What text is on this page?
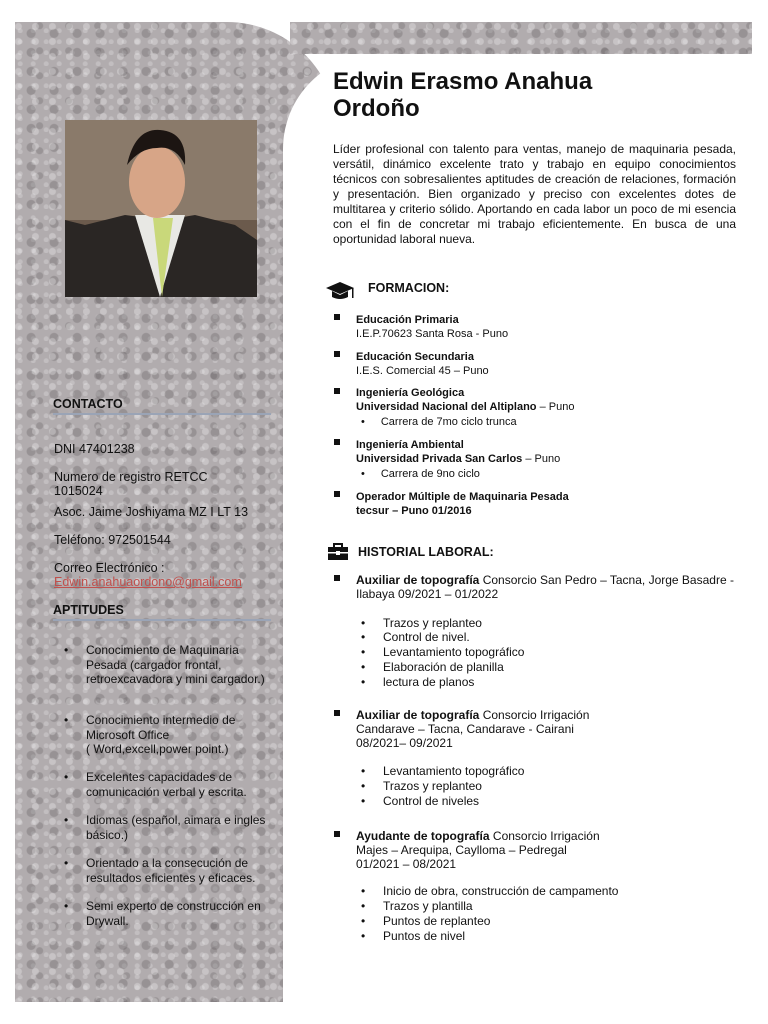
CONTACTO
DNI 47401238
Numero de registro RETCC
1015024
Asoc. Jaime Joshiyama MZ I LT 13
Teléfono: 972501544
Correo Electrónico :
Edwin.anahuaordono@gmail.com
APTITUDES
• Conocimiento de Maquinaria Pesada (cargador frontal, retroexcavadora y mini cargador.)
• Conocimiento intermedio de Microsoft Office
( Word,excell,power point.)
• Excelentes capacidades de comunicación verbal y escrita.
• Idiomas (español, aimara e ingles básico.)
• Orientado a la consecución de resultados eficientes y eficaces.
• Semi experto de construcción en Drywall.
Edwin Erasmo Anahua
Ordoño
Líder profesional con talento para ventas, manejo de maquinaria pesada, versátil, dinámico excelente trato y trabajo en equipo conocimientos técnicos con sobresalientes aptitudes de creación de relaciones, formación y presentación. Bien organizado y preciso con excelentes dotes de multitarea y criterio sólido. Aportando en cada labor un poco de mi esencia con el fin de concretar mi trabajo eficientemente. En busca de una oportunidad laboral nueva.
FORMACION:
Educación Primaria
I.E.P.70623 Santa Rosa - Puno
Educación Secundaria
I.E.S. Comercial 45 – Puno
Ingeniería Geológica
Universidad Nacional del Altiplano – Puno
• Carrera de 7mo ciclo trunca
Ingeniería Ambiental
Universidad Privada San Carlos – Puno
• Carrera de 9no ciclo
Operador Múltiple de Maquinaria Pesada
tecsur – Puno 01/2016
HISTORIAL LABORAL:
Auxiliar de topografía Consorcio San Pedro – Tacna, Jorge Basadre - Ilabaya 09/2021 – 01/2022
• Trazos y replanteo
• Control de nivel.
• Levantamiento topográfico
• Elaboración de planilla
• lectura de planos
Auxiliar de topografía Consorcio Irrigación
Candarave – Tacna, Candarave - Cairani
08/2021– 09/2021
• Levantamiento topográfico
• Trazos y replanteo
• Control de niveles
Ayudante de topografía Consorcio Irrigación
Majes – Arequipa, Caylloma – Pedregal
01/2021 – 08/2021
• Inicio de obra, construcción de campamento
• Trazos y plantilla
• Puntos de replanteo
• Puntos de nivel
